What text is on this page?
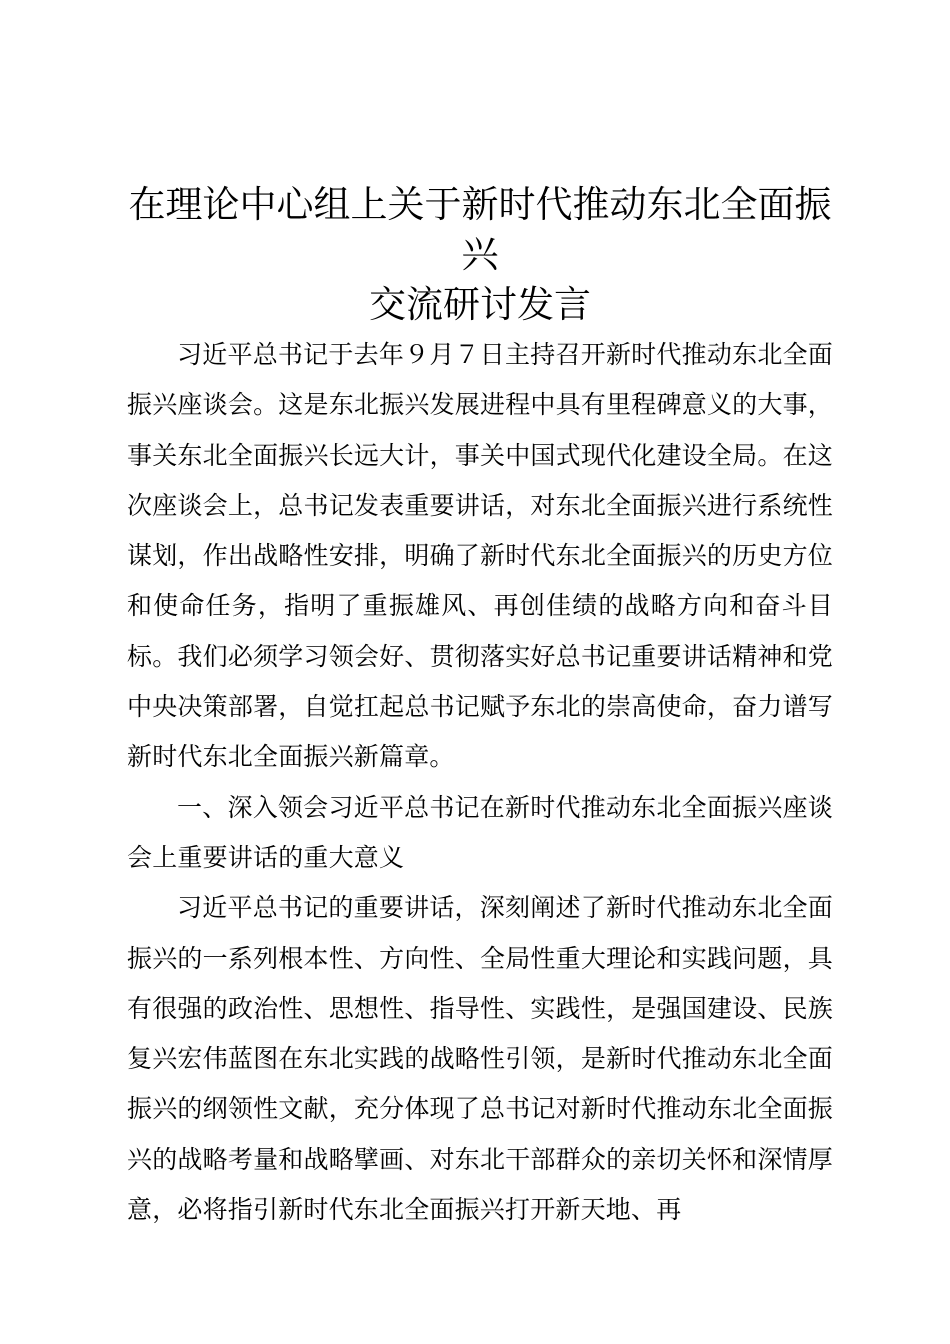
在理论中心组上关于新时代推动东北全面振兴
交流研讨发言

习近平总书记于去年９月７日主持召开新时代推动东北全面振兴座谈会。这是东北振兴发展进程中具有里程碑意义的大事，事关东北全面振兴长远大计，事关中国式现代化建设全局。在这次座谈会上，总书记发表重要讲话，对东北全面振兴进行系统性谋划，作出战略性安排，明确了新时代东北全面振兴的历史方位和使命任务，指明了重振雄风、再创佳绩的战略方向和奋斗目标。我们必须学习领会好、贯彻落实好总书记重要讲话精神和党中央决策部署，自觉扛起总书记赋予东北的崇高使命，奋力谱写新时代东北全面振兴新篇章。

一、深入领会习近平总书记在新时代推动东北全面振兴座谈会上重要讲话的重大意义

习近平总书记的重要讲话，深刻阐述了新时代推动东北全面振兴的一系列根本性、方向性、全局性重大理论和实践问题，具有很强的政治性、思想性、指导性、实践性，是强国建设、民族复兴宏伟蓝图在东北实践的战略性引领，是新时代推动东北全面振兴的纲领性文献，充分体现了总书记对新时代推动东北全面振兴的战略考量和战略擘画、对东北干部群众的亲切关怀和深情厚意，必将指引新时代东北全面振兴打开新天地、再
